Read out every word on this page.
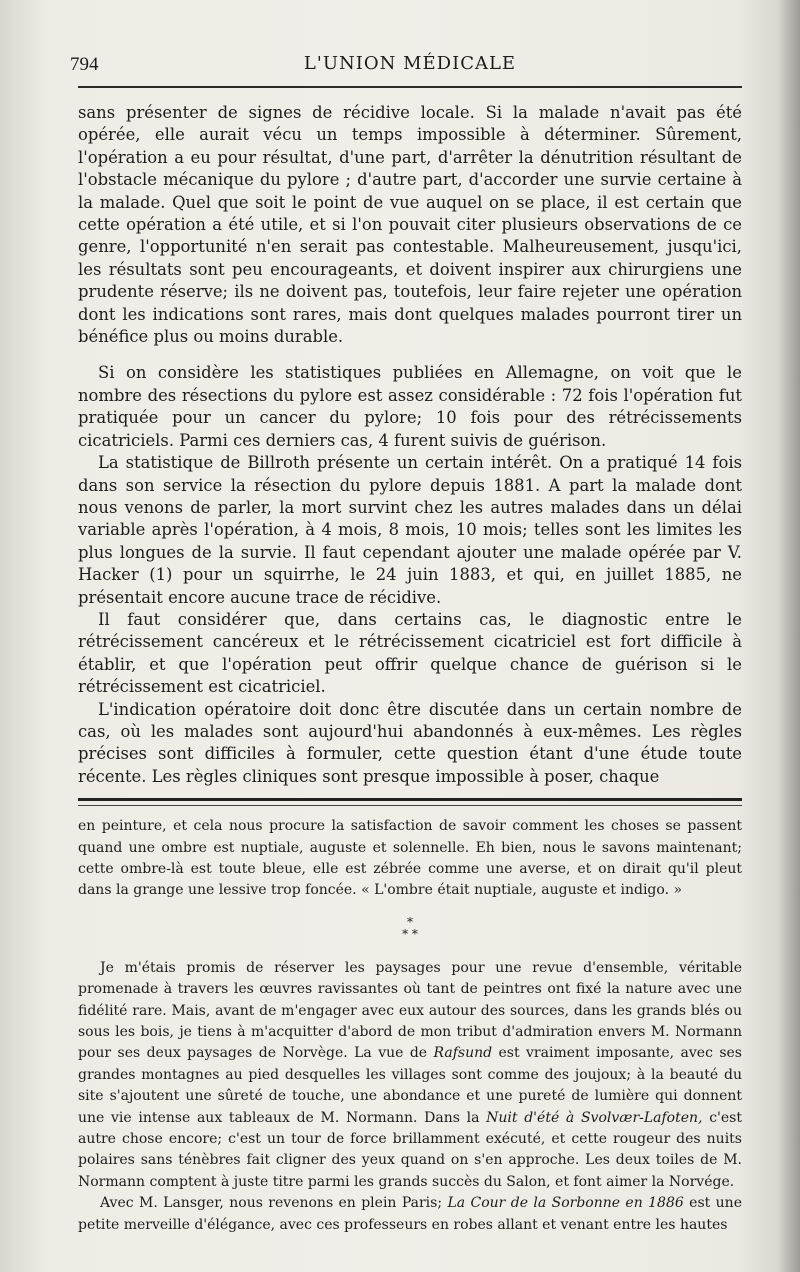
794	L'UNION MÉDICALE

sans présenter de signes de récidive locale. Si la malade n'avait pas été opérée, elle aurait vécu un temps impossible à déterminer. Sûrement, l'opération a eu pour résultat, d'une part, d'arrêter la dénutrition résultant de l'obstacle mécanique du pylore ; d'autre part, d'accorder une survie certaine à la malade. Quel que soit le point de vue auquel on se place, il est certain que cette opération a été utile, et si l'on pouvait citer plusieurs observations de ce genre, l'opportunité n'en serait pas contestable. Malheureusement, jusqu'ici, les résultats sont peu encourageants, et doivent inspirer aux chirurgiens une prudente réserve; ils ne doivent pas, toutefois, leur faire rejeter une opération dont les indications sont rares, mais dont quelques malades pourront tirer un bénéfice plus ou moins durable.

Si on considère les statistiques publiées en Allemagne, on voit que le nombre des résections du pylore est assez considérable : 72 fois l'opération fut pratiquée pour un cancer du pylore; 10 fois pour des rétrécissements cicatriciels. Parmi ces derniers cas, 4 furent suivis de guérison.

La statistique de Billroth présente un certain intérêt. On a pratiqué 14 fois dans son service la résection du pylore depuis 1881. A part la malade dont nous venons de parler, la mort survint chez les autres malades dans un délai variable après l'opération, à 4 mois, 8 mois, 10 mois; telles sont les limites les plus longues de la survie. Il faut cependant ajouter une malade opérée par V. Hacker (1) pour un squirrhe, le 24 juin 1883, et qui, en juillet 1885, ne présentait encore aucune trace de récidive.

Il faut considérer que, dans certains cas, le diagnostic entre le rétrécissement cancéreux et le rétrécissement cicatriciel est fort difficile à établir, et que l'opération peut offrir quelque chance de guérison si le rétrécissement est cicatriciel.

L'indication opératoire doit donc être discutée dans un certain nombre de cas, où les malades sont aujourd'hui abandonnés à eux-mêmes. Les règles précises sont difficiles à formuler, cette question étant d'une étude toute récente. Les règles cliniques sont presque impossible à poser, chaque

en peinture, et cela nous procure la satisfaction de savoir comment les choses se passent quand une ombre est nuptiale, auguste et solennelle. Eh bien, nous le savons maintenant; cette ombre-là est toute bleue, elle est zébrée comme une averse, et on dirait qu'il pleut dans la grange une lessive trop foncée. « L'ombre était nuptiale, auguste et indigo. »

*
* *

Je m'étais promis de réserver les paysages pour une revue d'ensemble, véritable promenade à travers les œuvres ravissantes où tant de peintres ont fixé la nature avec une fidélité rare. Mais, avant de m'engager avec eux autour des sources, dans les grands blés ou sous les bois, je tiens à m'acquitter d'abord de mon tribut d'admiration envers M. Normann pour ses deux paysages de Norvège. La vue de Rafsund est vraiment imposante, avec ses grandes montagnes au pied desquelles les villages sont comme des joujoux; à la beauté du site s'ajoutent une sûreté de touche, une abondance et une pureté de lumière qui donnent une vie intense aux tableaux de M. Normann. Dans la Nuit d'été à Svolvær-Lafoten, c'est autre chose encore; c'est un tour de force brillamment exécuté, et cette rougeur des nuits polaires sans ténèbres fait cligner des yeux quand on s'en approche. Les deux toiles de M. Normann comptent à juste titre parmi les grands succès du Salon, et font aimer la Norvége.

Avec M. Lansger, nous revenons en plein Paris; La Cour de la Sorbonne en 1886 est une petite merveille d'élégance, avec ces professeurs en robes allant et venant entre les hautes
